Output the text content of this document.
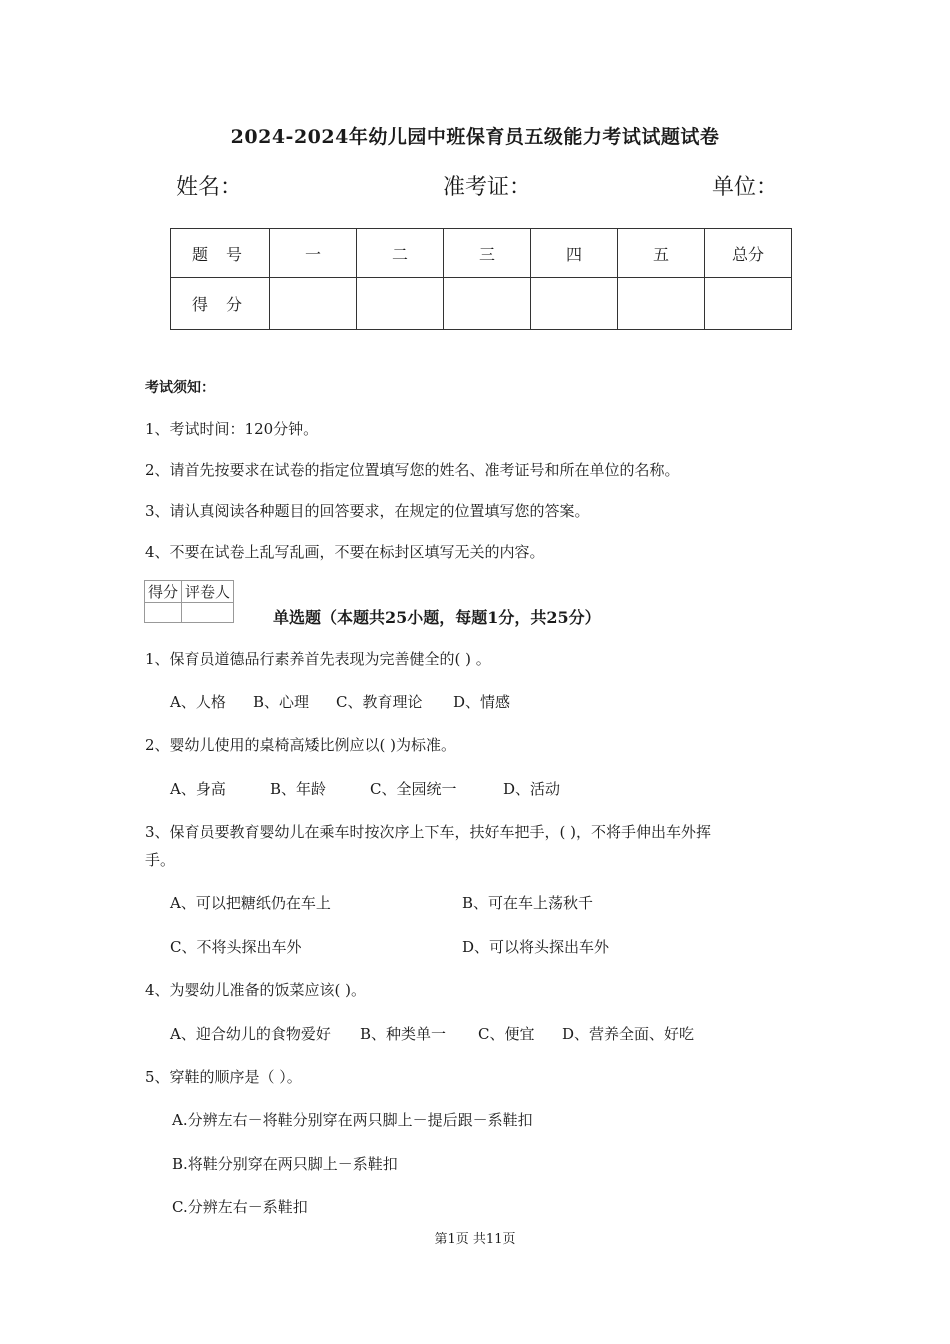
2024-2024年幼儿园中班保育员五级能力考试试题试卷
姓名：	准考证：	单位：
题号	一	二	三	四	五	总分
得分						
考试须知：
1、考试时间：120分钟。
2、请首先按要求在试卷的指定位置填写您的姓名、准考证号和所在单位的名称。
3、请认真阅读各种题目的回答要求，在规定的位置填写您的答案。
4、不要在试卷上乱写乱画，不要在标封区填写无关的内容。
得分	评卷人

单选题（本题共25小题，每题1分，共25分）
1、保育员道德品行素养首先表现为完善健全的( ) 。
A、人格 B、心理 C、教育理论 D、情感
2、婴幼儿使用的桌椅高矮比例应以( )为标准。
A、身高	B、年龄	C、全园统一	D、活动
3、保育员要教育婴幼儿在乘车时按次序上下车，扶好车把手，( )，不将手伸出车外挥
手。
A、可以把糖纸仍在车上	B、可在车上荡秋千
C、不将头探出车外	D、可以将头探出车外
4、为婴幼儿准备的饭菜应该( )。
A、迎合幼儿的食物爱好 B、种类单一 C、便宜 D、营养全面、好吃
5、穿鞋的顺序是（ ）。
A.分辨左右－将鞋分别穿在两只脚上－提后跟－系鞋扣
B.将鞋分别穿在两只脚上－系鞋扣
C.分辨左右－系鞋扣
第1页 共11页
